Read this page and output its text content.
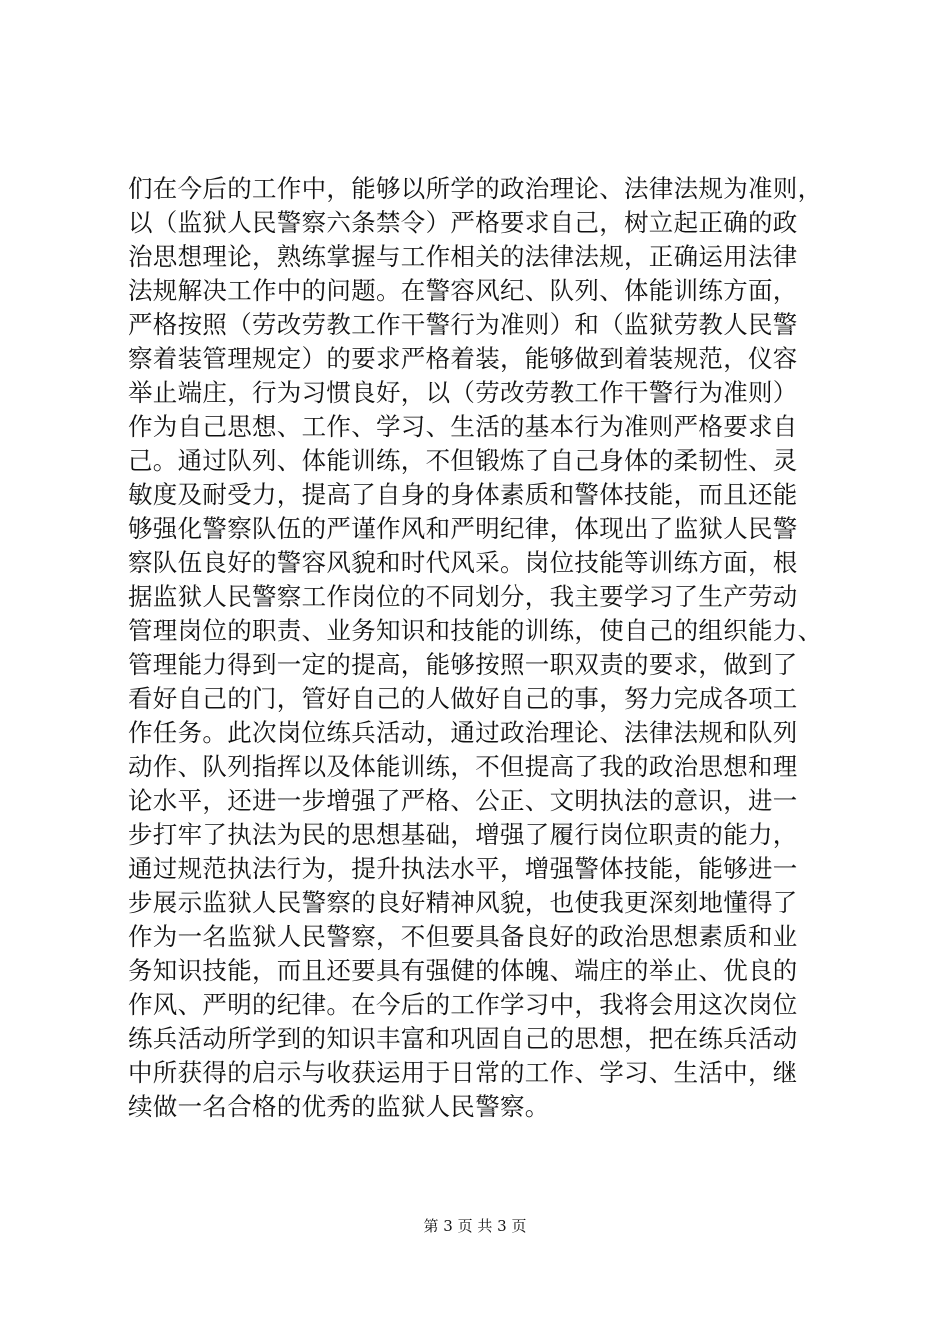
们在今后的工作中，能够以所学的政治理论、法律法规为准则，
以（监狱人民警察六条禁令）严格要求自己，树立起正确的政
治思想理论，熟练掌握与工作相关的法律法规，正确运用法律
法规解决工作中的问题。在警容风纪、队列、体能训练方面，
严格按照（劳改劳教工作干警行为准则）和（监狱劳教人民警
察着装管理规定）的要求严格着装，能够做到着装规范，仪容
举止端庄，行为习惯良好，以（劳改劳教工作干警行为准则）
作为自己思想、工作、学习、生活的基本行为准则严格要求自
己。通过队列、体能训练，不但锻炼了自己身体的柔韧性、灵
敏度及耐受力，提高了自身的身体素质和警体技能，而且还能
够强化警察队伍的严谨作风和严明纪律，体现出了监狱人民警
察队伍良好的警容风貌和时代风采。岗位技能等训练方面，根
据监狱人民警察工作岗位的不同划分，我主要学习了生产劳动
管理岗位的职责、业务知识和技能的训练，使自己的组织能力、
管理能力得到一定的提高，能够按照一职双责的要求，做到了
看好自己的门，管好自己的人做好自己的事，努力完成各项工
作任务。此次岗位练兵活动，通过政治理论、法律法规和队列
动作、队列指挥以及体能训练，不但提高了我的政治思想和理
论水平，还进一步增强了严格、公正、文明执法的意识，进一
步打牢了执法为民的思想基础，增强了履行岗位职责的能力，
通过规范执法行为，提升执法水平，增强警体技能，能够进一
步展示监狱人民警察的良好精神风貌，也使我更深刻地懂得了
作为一名监狱人民警察，不但要具备良好的政治思想素质和业
务知识技能，而且还要具有强健的体魄、端庄的举止、优良的
作风、严明的纪律。在今后的工作学习中，我将会用这次岗位
练兵活动所学到的知识丰富和巩固自己的思想，把在练兵活动
中所获得的启示与收获运用于日常的工作、学习、生活中，继
续做一名合格的优秀的监狱人民警察。
第 3 页 共 3 页
